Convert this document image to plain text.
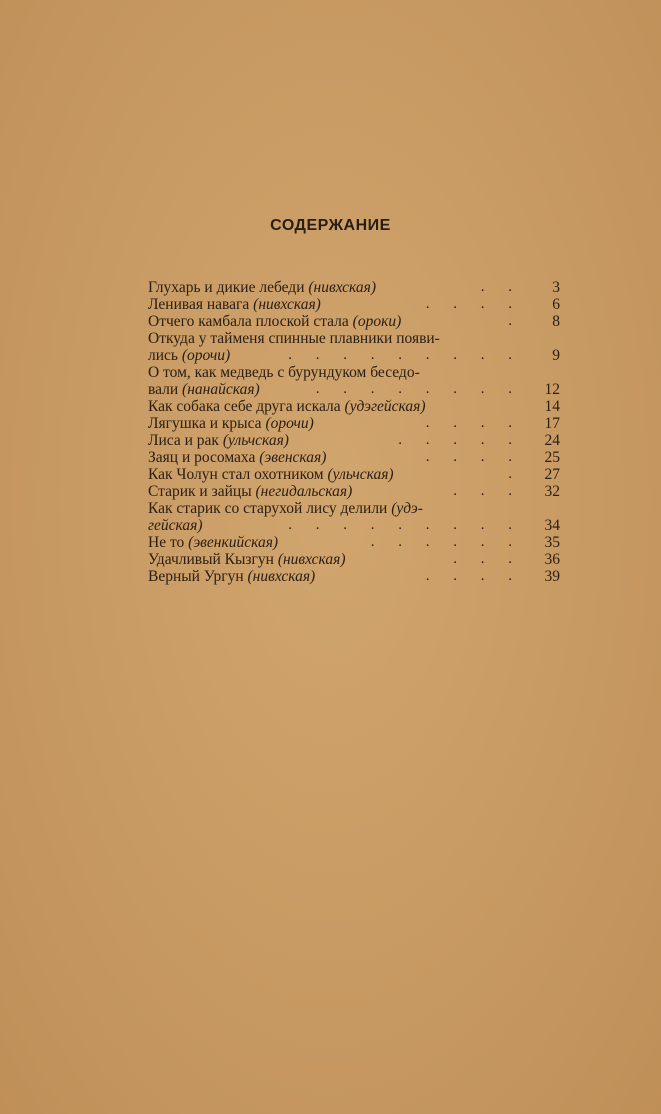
СОДЕРЖАНИЕ
Глухарь и дикие лебеди (нивхская)	. .	3
Ленивая навага (нивхская)	. . . .	6
Отчего камбала плоской стала (ороки)	.	8
Откуда у таймeня спинные плавники появи-
лись (орочи)	. . . . . . . . .	9
О том, как медведь с бурундуком беседо-
вали (нанайская)	. . . . . . . .	12
Как собака себе друга искала (удэгейская)	14
Лягушка и крыса (орочи)	. . . .	17
Лиса и рак (ульчская)	. . . . .	24
Заяц и росомаха (эвенская)	. . . .	25
Как Чолун стал охотником (ульчская)	.	27
Старик и зайцы (негидальская)	. . .	32
Как старик со старухой лису делили (удэ-
гейская)	. . . . . . . . .	34
Не то (эвенкийская)	. . . . . .	35
Удачливый Кызгун (нивхская)	. . .	36
Верный Ургун (нивхская)	. . . .	39
